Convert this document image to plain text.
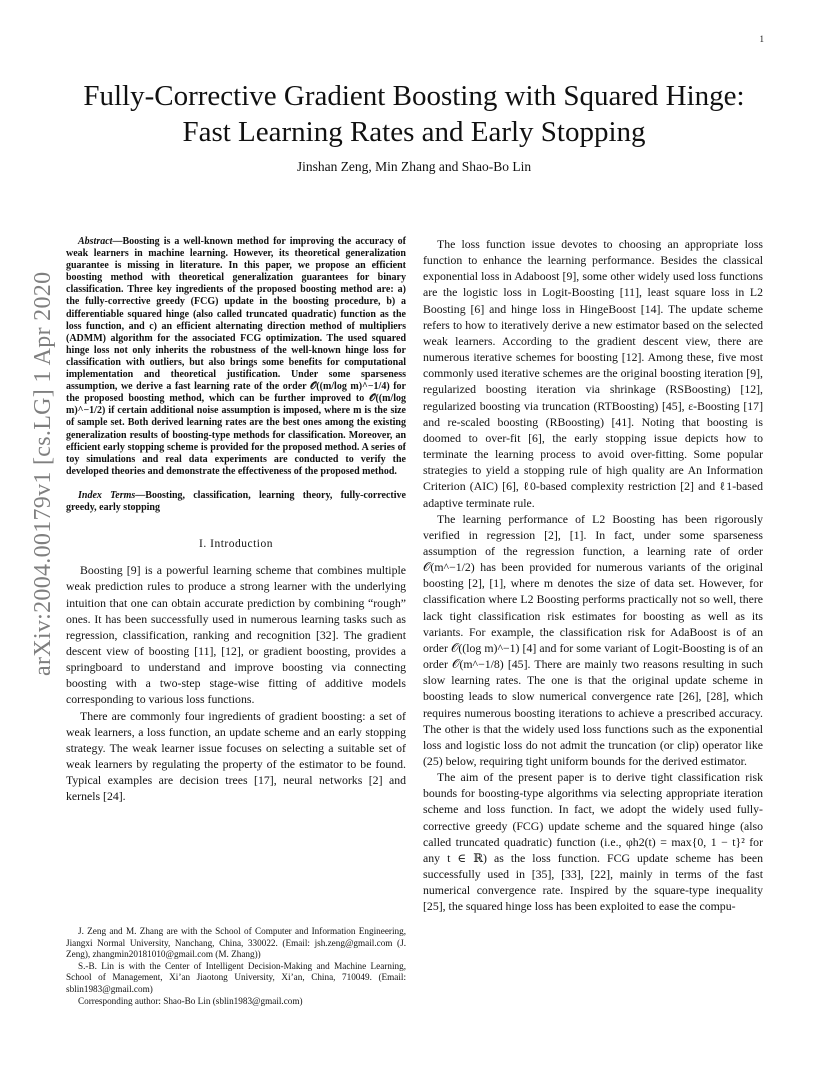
1
arXiv:2004.00179v1 [cs.LG] 1 Apr 2020
Fully-Corrective Gradient Boosting with Squared Hinge: Fast Learning Rates and Early Stopping
Jinshan Zeng, Min Zhang and Shao-Bo Lin

Abstract—Boosting is a well-known method for improving the accuracy of weak learners in machine learning. However, its theoretical generalization guarantee is missing in literature. In this paper, we propose an efficient boosting method with theoretical generalization guarantees for binary classification. Three key ingredients of the proposed boosting method are: a) the fully-corrective greedy (FCG) update in the boosting procedure, b) a differentiable squared hinge (also called truncated quadratic) function as the loss function, and c) an efficient alternating direction method of multipliers (ADMM) algorithm for the associated FCG optimization. The used squared hinge loss not only inherits the robustness of the well-known hinge loss for classification with outliers, but also brings some benefits for computational implementation and theoretical justification. Under some sparseness assumption, we derive a fast learning rate of the order 𝒪((m/log m)^−1/4) for the proposed boosting method, which can be further improved to 𝒪((m/log m)^−1/2) if certain additional noise assumption is imposed, where m is the size of sample set. Both derived learning rates are the best ones among the existing generalization results of boosting-type methods for classification. Moreover, an efficient early stopping scheme is provided for the proposed method. A series of toy simulations and real data experiments are conducted to verify the developed theories and demonstrate the effectiveness of the proposed method.

Index Terms—Boosting, classification, learning theory, fully-corrective greedy, early stopping

I. Introduction

Boosting [9] is a powerful learning scheme that combines multiple weak prediction rules to produce a strong learner with the underlying intuition that one can obtain accurate prediction by combining “rough” ones. It has been successfully used in numerous learning tasks such as regression, classification, ranking and recognition [32]. The gradient descent view of boosting [11], [12], or gradient boosting, provides a springboard to understand and improve boosting via connecting boosting with a two-step stage-wise fitting of additive models corresponding to various loss functions.

There are commonly four ingredients of gradient boosting: a set of weak learners, a loss function, an update scheme and an early stopping strategy. The weak learner issue focuses on selecting a suitable set of weak learners by regulating the property of the estimator to be found. Typical examples are decision trees [17], neural networks [2] and kernels [24].

J. Zeng and M. Zhang are with the School of Computer and Information Engineering, Jiangxi Normal University, Nanchang, China, 330022. (Email: jsh.zeng@gmail.com (J. Zeng), zhangmin20181010@gmail.com (M. Zhang))

S.-B. Lin is with the Center of Intelligent Decision-Making and Machine Learning, School of Management, Xi’an Jiaotong University, Xi’an, China, 710049. (Email: sblin1983@gmail.com)

Corresponding author: Shao-Bo Lin (sblin1983@gmail.com)

The loss function issue devotes to choosing an appropriate loss function to enhance the learning performance. Besides the classical exponential loss in Adaboost [9], some other widely used loss functions are the logistic loss in Logit-Boosting [11], least square loss in L2 Boosting [6] and hinge loss in HingeBoost [14]. The update scheme refers to how to iteratively derive a new estimator based on the selected weak learners. According to the gradient descent view, there are numerous iterative schemes for boosting [12]. Among these, five most commonly used iterative schemes are the original boosting iteration [9], regularized boosting iteration via shrinkage (RSBoosting) [12], regularized boosting via truncation (RTBoosting) [45], ε-Boosting [17] and re-scaled boosting (RBoosting) [41]. Noting that boosting is doomed to over-fit [6], the early stopping issue depicts how to terminate the learning process to avoid over-fitting. Some popular strategies to yield a stopping rule of high quality are An Information Criterion (AIC) [6], ℓ0-based complexity restriction [2] and ℓ1-based adaptive terminate rule.

The learning performance of L2 Boosting has been rigorously verified in regression [2], [1]. In fact, under some sparseness assumption of the regression function, a learning rate of order 𝒪(m^−1/2) has been provided for numerous variants of the original boosting [2], [1], where m denotes the size of data set. However, for classification where L2 Boosting performs practically not so well, there lack tight classification risk estimates for boosting as well as its variants. For example, the classification risk for AdaBoost is of an order 𝒪((log m)^−1) [4] and for some variant of Logit-Boosting is of an order 𝒪(m^−1/8) [45]. There are mainly two reasons resulting in such slow learning rates. The one is that the original update scheme in boosting leads to slow numerical convergence rate [26], [28], which requires numerous boosting iterations to achieve a prescribed accuracy. The other is that the widely used loss functions such as the exponential loss and logistic loss do not admit the truncation (or clip) operator like (25) below, requiring tight uniform bounds for the derived estimator.

The aim of the present paper is to derive tight classification risk bounds for boosting-type algorithms via selecting appropriate iteration scheme and loss function. In fact, we adopt the widely used fully-corrective greedy (FCG) update scheme and the squared hinge (also called truncated quadratic) function (i.e., φh2(t) = max{0, 1 − t}² for any t ∈ ℝ) as the loss function. FCG update scheme has been successfully used in [35], [33], [22], mainly in terms of the fast numerical convergence rate. Inspired by the square-type inequality [25], the squared hinge loss has been exploited to ease the compu-
